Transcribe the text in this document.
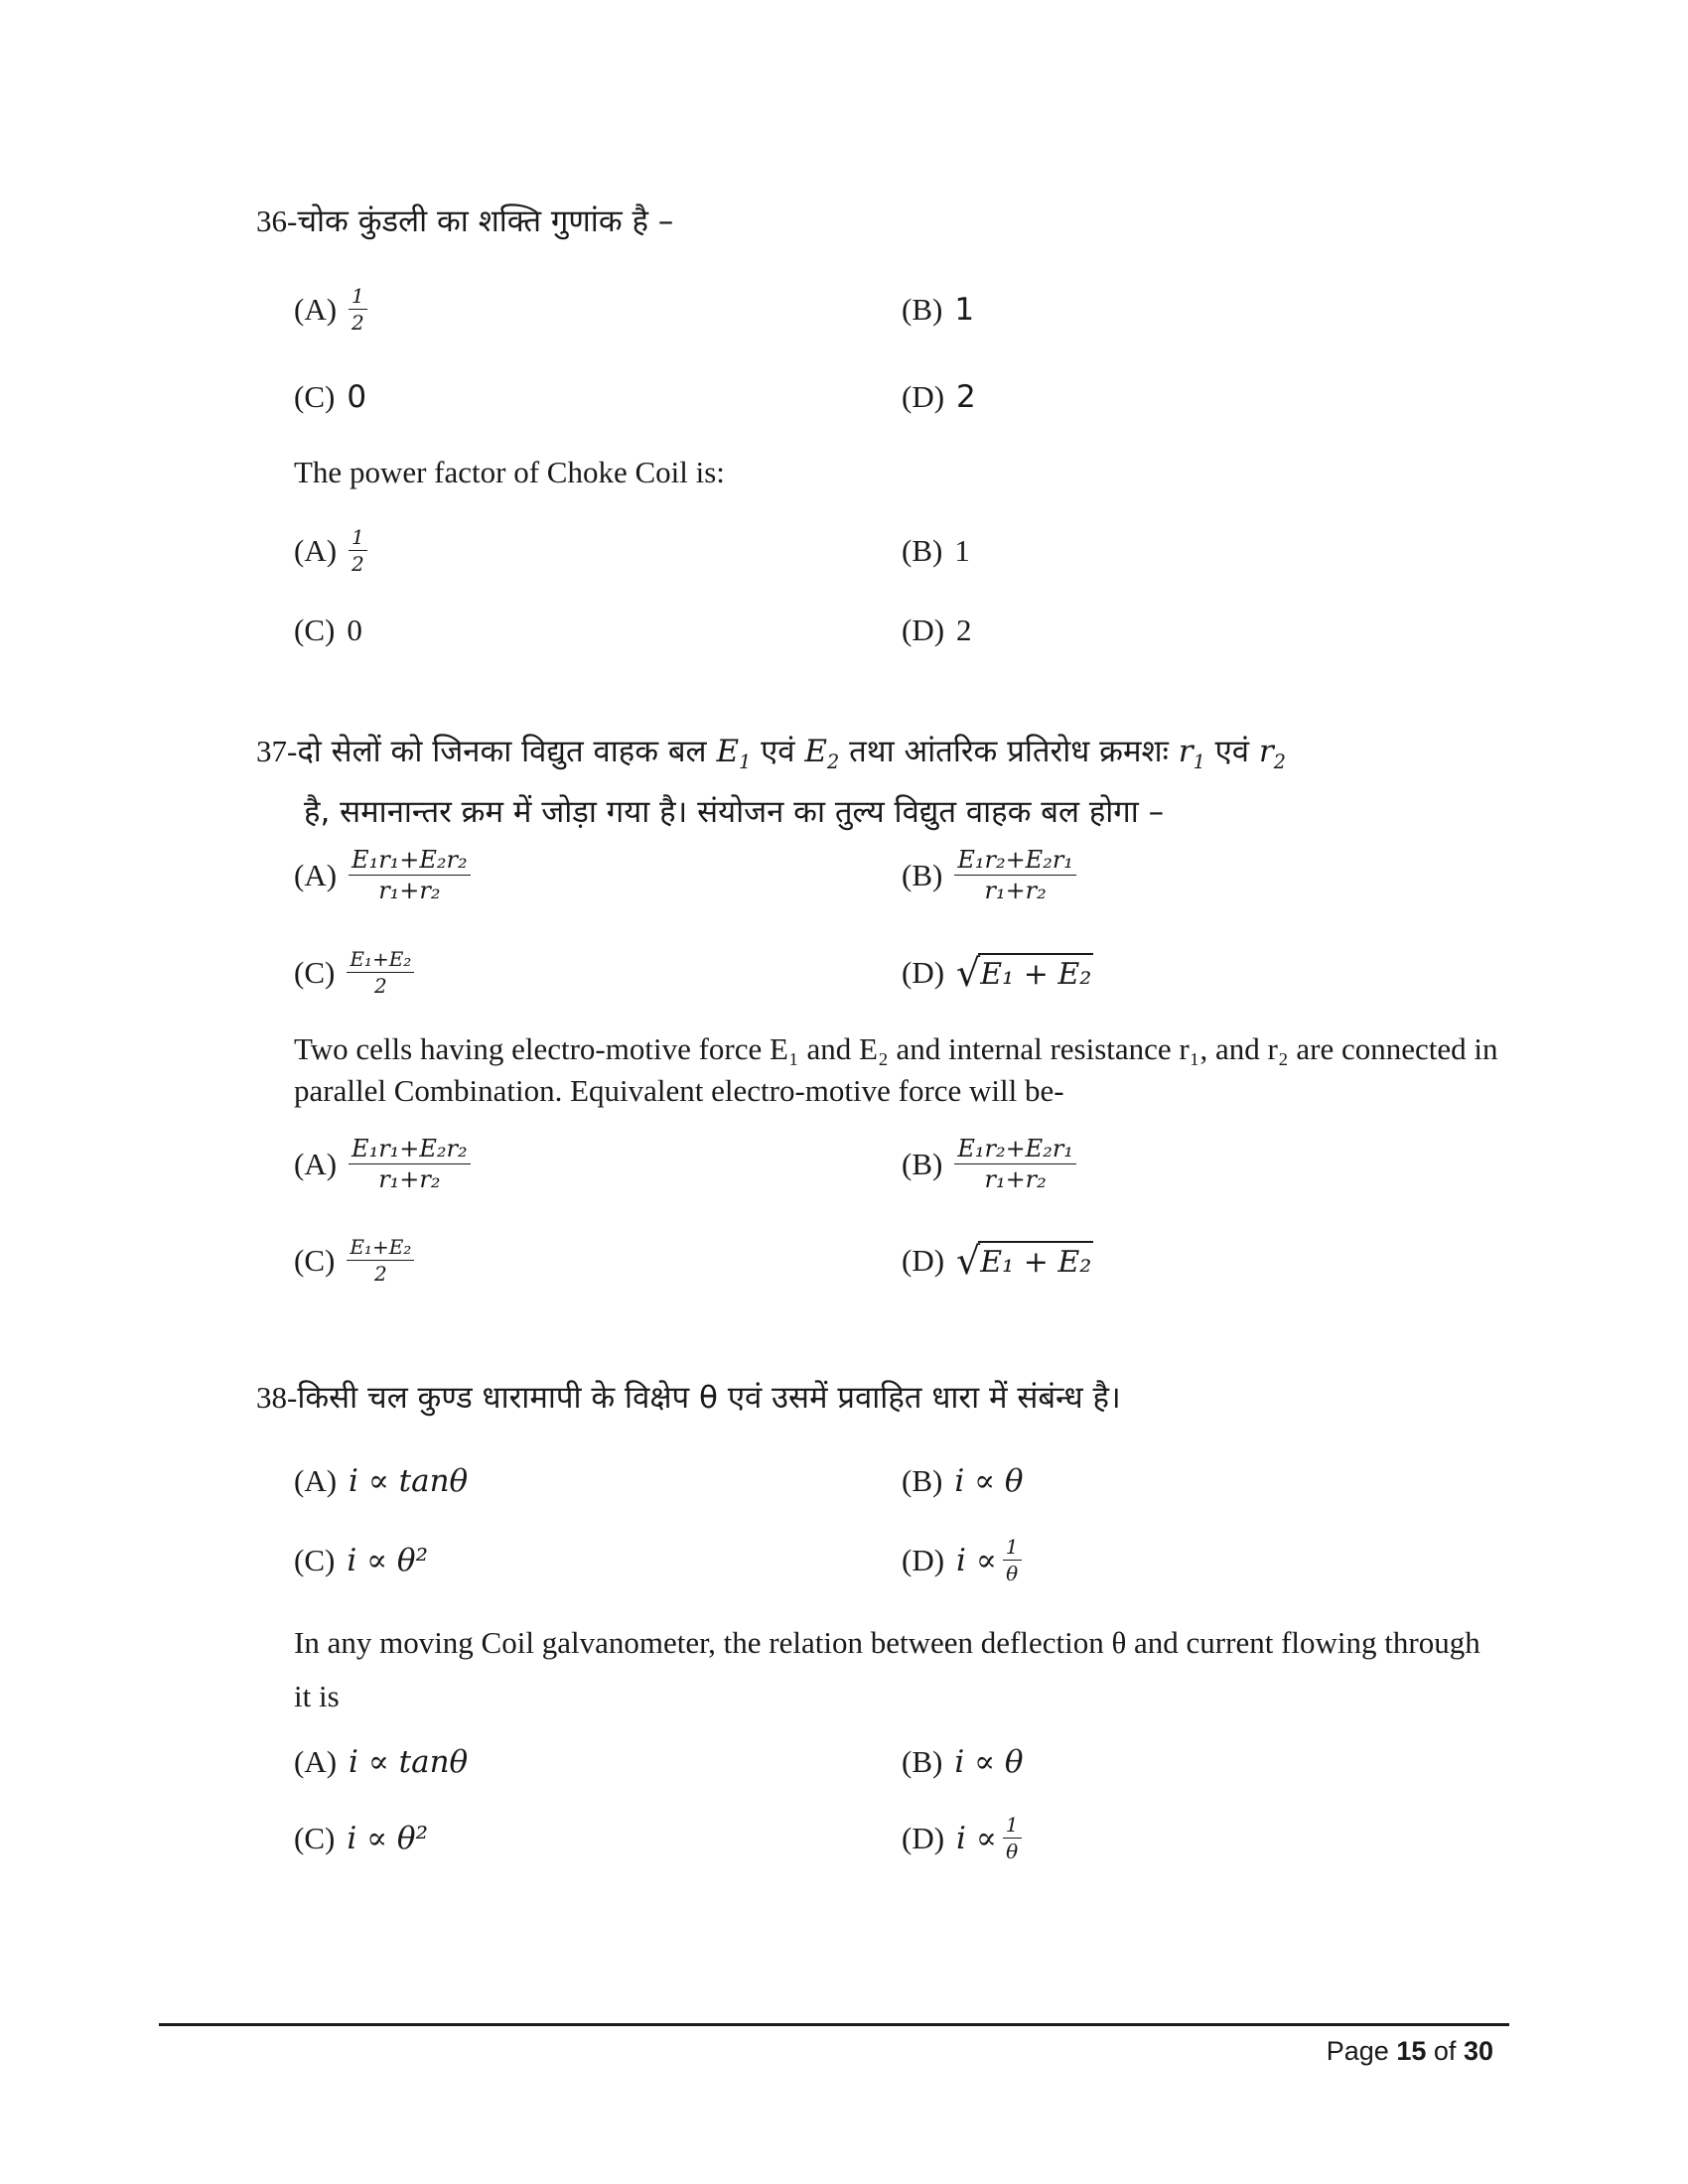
36-चोक कुंडली का शक्ति गुणांक है –
$(A) \frac{1}{2}$	(B) 1
(C) 0	(D) 2
The power factor of Choke Coil is:
$(A) \frac{1}{2}$	(B) 1
(C) 0	(D) 2
37-दो सेलों को जिनका विद्युत वाहक बल $E_1$ एवं $E_2$ तथा आंतरिक प्रतिरोध क्रमशः $r_1$ एवं $r_2$
है, समानान्तर क्रम में जोड़ा गया है। संयोजन का तुल्य विद्युत वाहक बल होगा –
$(A) \frac{\text{E₁r₁+E₂r₂}}{\text{r₁+r₂}}$	$(B) \frac{\text{E₁r₂+E₂r₁}}{\text{r₁+r₂}}$
$(C) \frac{\text{E₁+E₂}}{2}$	(D) √ E₁ + E₂
Two cells having electro-motive force E₁ and E₂ and internal resistance r₁, and r₂ are connected in
parallel Combination. Equivalent electro-motive force will be-
$(A) \frac{\text{E₁r₁+E₂r₂}}{\text{r₁+r₂}}$	$(B) \frac{\text{E₁r₂+E₂r₁}}{\text{r₁+r₂}}$
$(C) \frac{\text{E₁+E₂}}{2}$	(D) √ E₁ + E₂
38-किसी चल कुण्ड धारामापी के विक्षेप θ एवं उसमें प्रवाहित धारा में संबंन्ध है।
(A) i ∝ tanθ	(B) i ∝ θ
(C) i ∝ θ²	(D) $i \propto \frac{1}{\theta}$
In any moving Coil galvanometer, the relation between deflection θ and current flowing through
it is
(A) i ∝ tanθ	(B) i ∝ θ
(C) i ∝ θ²	(D) $i \propto \frac{1}{\theta}$
Page 15 of 30
